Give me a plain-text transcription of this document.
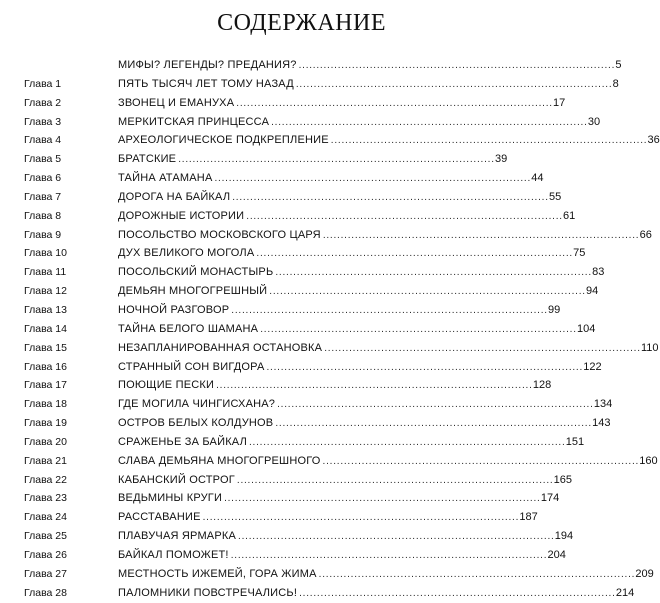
СОДЕРЖАНИЕ
МИФЫ? ЛЕГЕНДЫ? ПРЕДАНИЯ? . . .	5
Глава 1	ПЯТЬ ТЫСЯЧ ЛЕТ ТОМУ НАЗАД . . .	8
Глава 2	ЗВОНЕЦ И ЕМАНУХА . . .	17
Глава 3	МЕРКИТСКАЯ ПРИНЦЕССА . . .	30
Глава 4	АРХЕОЛОГИЧЕСКОЕ ПОДКРЕПЛЕНИЕ . . .	36
Глава 5	БРАТСКИЕ . . .	39
Глава 6	ТАЙНА АТАМАНА . . .	44
Глава 7	ДОРОГА НА БАЙКАЛ . . .	55
Глава 8	ДОРОЖНЫЕ ИСТОРИИ . . .	61
Глава 9	ПОСОЛЬСТВО МОСКОВСКОГО ЦАРЯ . . .	66
Глава 10	ДУХ ВЕЛИКОГО МОГОЛА . . .	75
Глава 11	ПОСОЛЬСКИЙ МОНАСТЫРЬ . . .	83
Глава 12	ДЕМЬЯН МНОГОГРЕШНЫЙ . . .	94
Глава 13	НОЧНОЙ РАЗГОВОР . . .	99
Глава 14	ТАЙНА БЕЛОГО ШАМАНА . . .	104
Глава 15	НЕЗАПЛАНИРОВАННАЯ ОСТАНОВКА . . .	110
Глава 16	СТРАННЫЙ СОН ВИГДОРА . . .	122
Глава 17	ПОЮЩИЕ ПЕСКИ . . .	128
Глава 18	ГДЕ МОГИЛА ЧИНГИСХАНА? . . .	134
Глава 19	ОСТРОВ БЕЛЫХ КОЛДУНОВ . . .	143
Глава 20	СРАЖЕНЬЕ ЗА БАЙКАЛ . . .	151
Глава 21	СЛАВА ДЕМЬЯНА МНОГОГРЕШНОГО . . .	160
Глава 22	КАБАНСКИЙ ОСТРОГ . . .	165
Глава 23	ВЕДЬМИНЫ КРУГИ . . .	174
Глава 24	РАССТАВАНИЕ . . .	187
Глава 25	ПЛАВУЧАЯ ЯРМАРКА . . .	194
Глава 26	БАЙКАЛ ПОМОЖЕТ! . . .	204
Глава 27	МЕСТНОСТЬ ИЖЕМЕЙ, ГОРА ЖИМА . . .	209
Глава 28	ПАЛОМНИКИ ПОВСТРЕЧАЛИСЬ! . . .	214
